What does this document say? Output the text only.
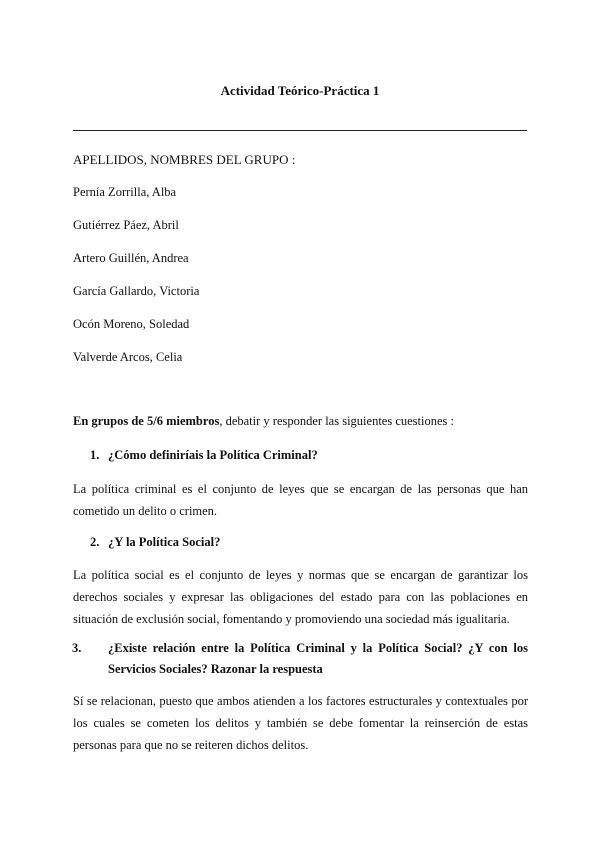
Actividad Teórico-Práctica 1
APELLIDOS, NOMBRES DEL GRUPO :
Pernía Zorrilla, Alba
Gutiérrez Páez, Abril
Artero Guillén, Andrea
García Gallardo, Victoria
Ocón Moreno, Soledad
Valverde Arcos, Celia
En grupos de 5/6 miembros, debatir y responder las siguientes cuestiones :
1. ¿Cómo definiríais la Política Criminal?
La política criminal es el conjunto de leyes que se encargan de las personas que han cometido un delito o crimen.
2. ¿Y la Política Social?
La política social es el conjunto de leyes y normas que se encargan de garantizar los derechos sociales y expresar las obligaciones del estado para con las poblaciones en situación de exclusión social, fomentando y promoviendo una sociedad más igualitaria.
3. ¿Existe relación entre la Política Criminal y la Política Social? ¿Y con los Servicios Sociales? Razonar la respuesta
Sí se relacionan, puesto que ambos atienden a los factores estructurales y contextuales por los cuales se cometen los delitos y también se debe fomentar la reinserción de estas personas para que no se reiteren dichos delitos.
